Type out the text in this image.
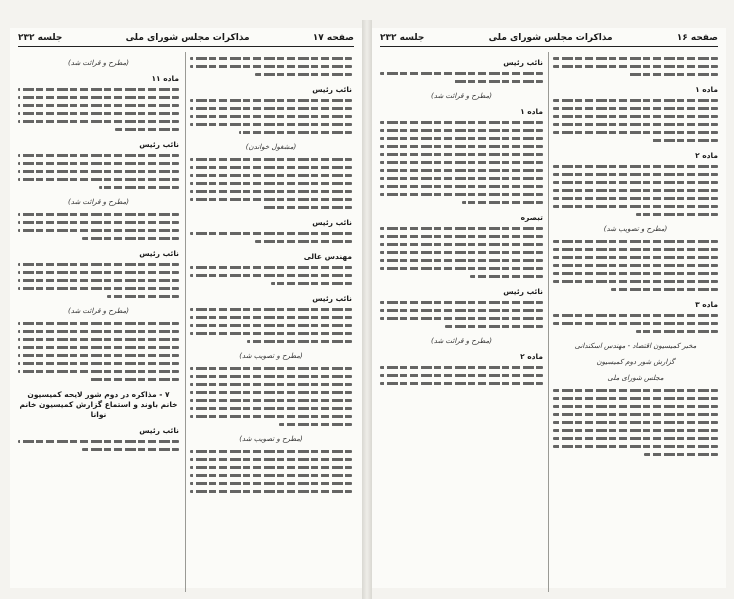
صفحه ۱۷
مذاکرات مجلس شورای ملی
جلسه ۲۳۲	صفحه ۱۶
مذاکرات مجلس شورای ملی
جلسه ۲۳۲
نائب رئیس
(مشغول خواندن)
نائب رئیس
مهندس عالی
نائب رئیس
(مطرح و تصویب شد)
(مطرح و تصویب شد)
(مطرح و قرائت شد)
ماده ۱۱
نائب رئیس
(مطرح و قرائت شد)
نائب رئیس
(مطرح و قرائت شد)
۷ - مذاکره در دوم شور لایحه کمیسیون خانم باوند و استماع گزارش کمیسیون خانم نوانا
نائب رئیس
ماده ۱
ماده ۲
(مطرح و تصویب شد)
ماده ۳
مخبر کمیسیون اقتصاد - مهندس اسکندانی
گزارش شور دوم کمیسیون
مجلس شورای ملی
نائب رئیس
(مطرح و قرائت شد)
ماده ۱
تبصره
نائب رئیس
(مطرح و قرائت شد)
ماده ۲
